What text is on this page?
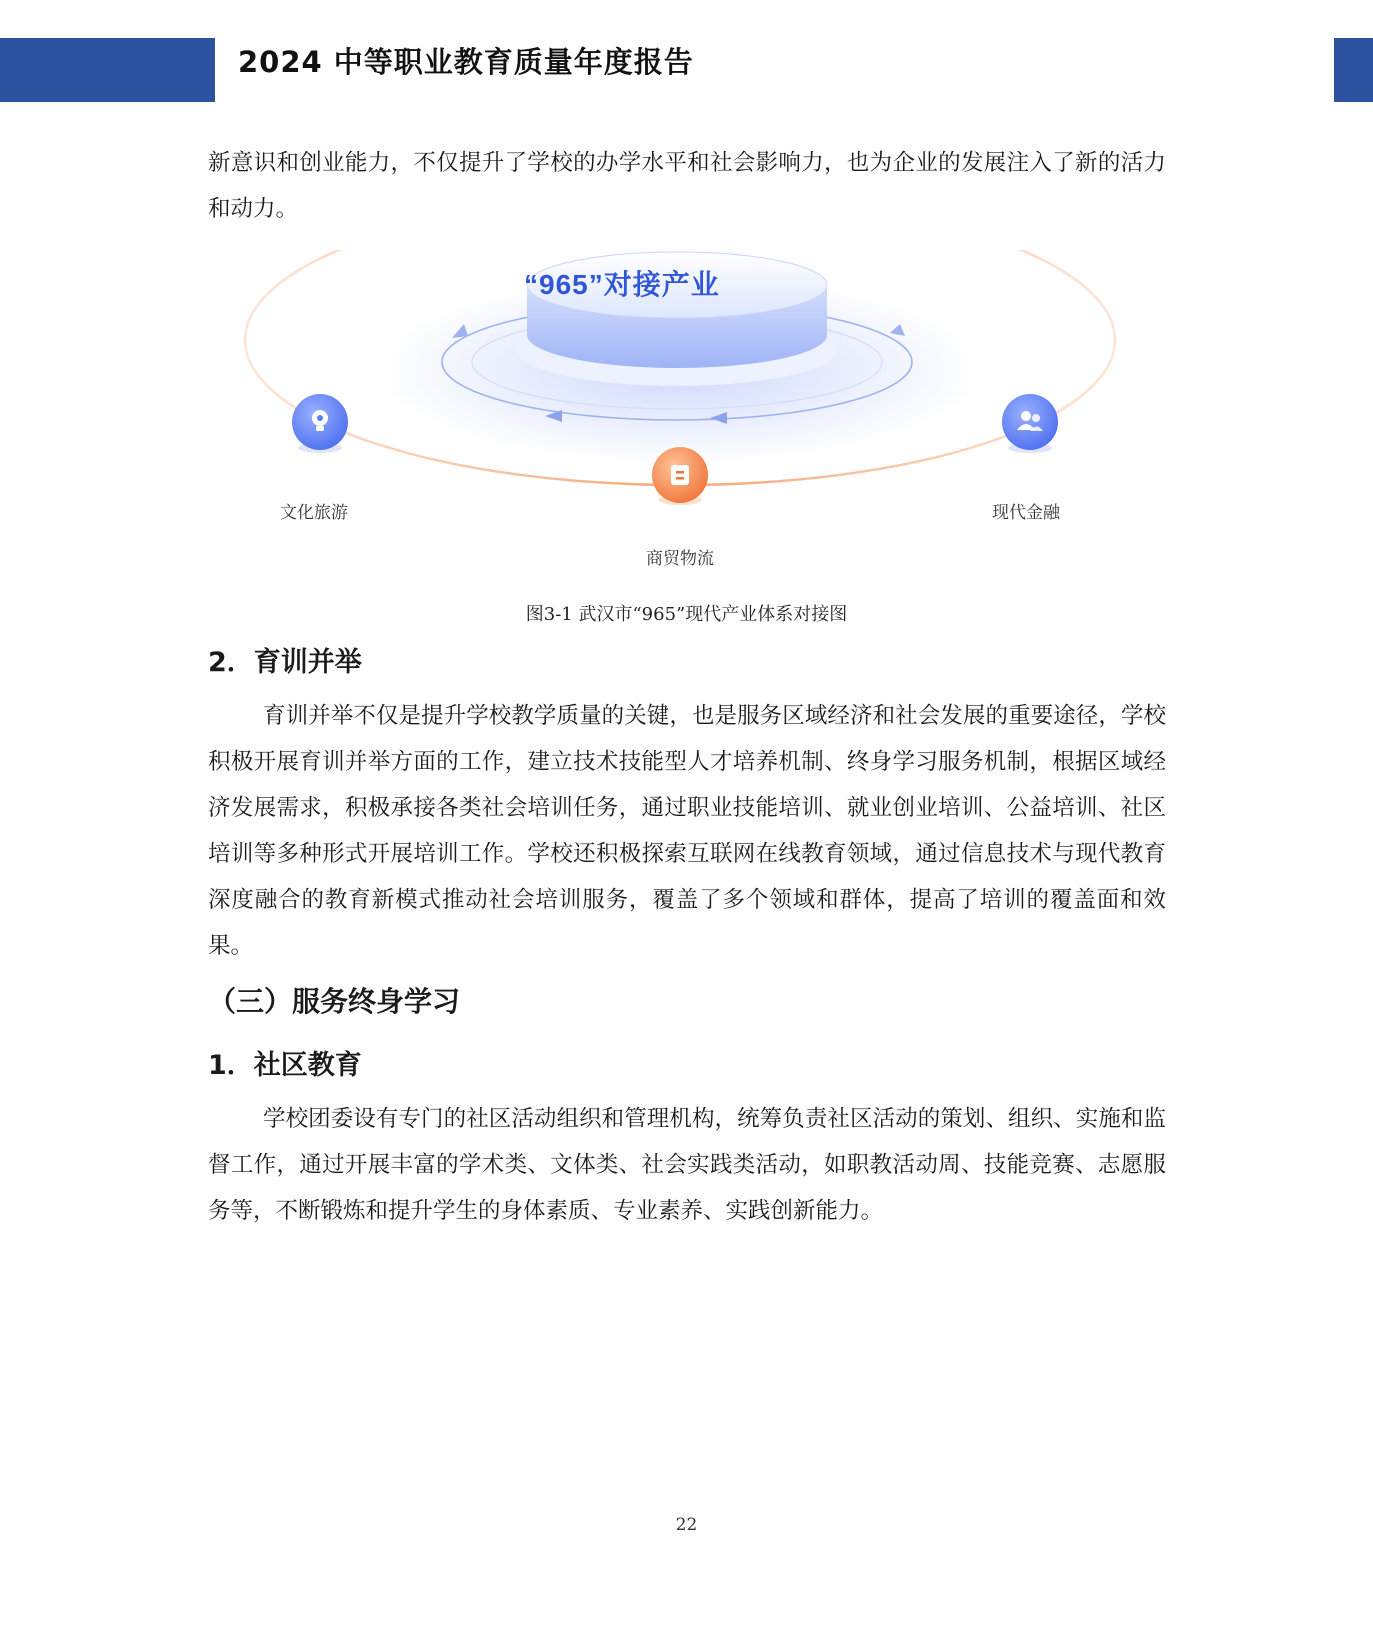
2024 中等职业教育质量年度报告

新意识和创业能力，不仅提升了学校的办学水平和社会影响力，也为企业的发展注入了新的活力和动力。

“965”对接产业
文化旅游
商贸物流
现代金融
图3-1 武汉市“965”现代产业体系对接图
2．育训并举

育训并举不仅是提升学校教学质量的关键，也是服务区域经济和社会发展的重要途径，学校积极开展育训并举方面的工作，建立技术技能型人才培养机制、终身学习服务机制，根据区域经济发展需求，积极承接各类社会培训任务，通过职业技能培训、就业创业培训、公益培训、社区培训等多种形式开展培训工作。学校还积极探索互联网在线教育领域，通过信息技术与现代教育深度融合的教育新模式推动社会培训服务，覆盖了多个领域和群体，提高了培训的覆盖面和效果。

（三）服务终身学习
1．社区教育

学校团委设有专门的社区活动组织和管理机构，统筹负责社区活动的策划、组织、实施和监督工作，通过开展丰富的学术类、文体类、社会实践类活动，如职教活动周、技能竞赛、志愿服务等，不断锻炼和提升学生的身体素质、专业素养、实践创新能力。

22
